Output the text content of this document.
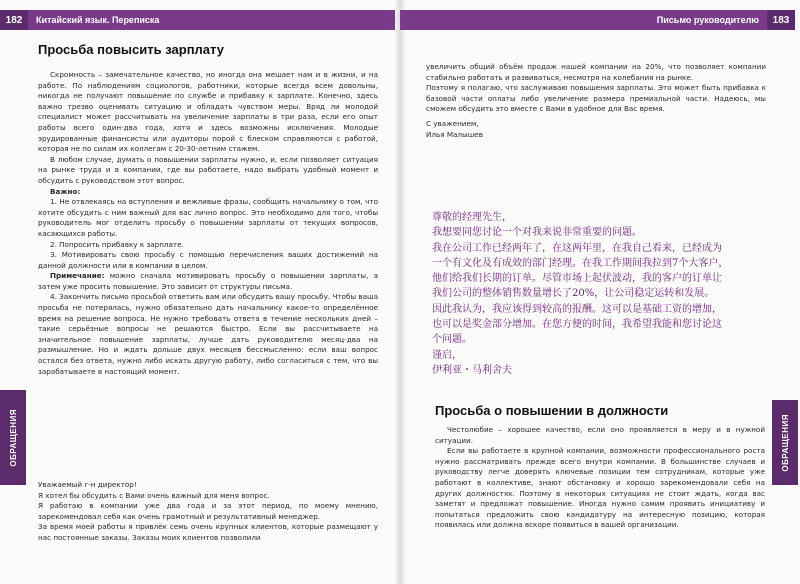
182	Китайский язык. Переписка
Просьба повысить зарплату

Скромность – замечательное качество, но иногда она мешает нам и в жизни, и на работе. По наблюдениям социологов, работники, которые всегда всем довольны, никогда не получают повышение по службе и прибавку к зарплате. Конечно, здесь важно трезво оценивать ситуацию и обладать чувством меры. Вряд ли молодой специалист может рассчитывать на увеличение зарплаты в три раза, если его опыт работы всего один-два года, хотя и здесь возможны исключения. Молодые эрудированные финансисты или аудиторы порой с блеском справляются с работой, которая не по силам их коллегам с 20-30-летним стажем.

В любом случае, думать о повышении зарплаты нужно, и, если позволяет ситуация на рынке труда и в компании, где вы работаете, надо выбрать удобный момент и обсудить с руководством этот вопрос.

Важно:

1. Не отвлекаясь на вступления и вежливые фразы, сообщить начальнику о том, что хотите обсудить с ним важный для вас лично вопрос. Это необходимо для того, чтобы руководитель мог отделить просьбу о повышении зарплаты от текущих вопросов, касающихся работы.

2. Попросить прибавку к зарплате.

3. Мотивировать свою просьбу с помощью перечисления ваших достижений на данной должности или в компании в целом.

Примечание: можно сначала мотивировать просьбу о повышении зарплаты, а затем уже просить повышение. Это зависит от структуры письма.

4. Закончить письмо просьбой ответить вам или обсудить вашу просьбу. Чтобы ваша просьба не потерялась, нужно обязательно дать начальнику какое-то определённое время на решение вопроса. Не нужно требовать ответа в течение нескольких дней – такие серьёзные вопросы не решаются быстро. Если вы рассчитываете на значительное повышение зарплаты, лучше дать руководителю месяц-два на размышление. Но и ждать дольше двух месяцев бессмысленно: если ваш вопрос остался без ответа, нужно либо искать другую работу, либо согласиться с тем, что вы зарабатываете в настоящий момент.

Уважаемый г-н директор!

Я хотел бы обсудить с Вами очень важный для меня вопрос.

Я работаю в компании уже два года и за этот период, по моему мнению, зарекомендовал себя как очень грамотный и результативный менеджер.

За время моей работы я привлёк семь очень крупных клиентов, которые размещают у нас постоянные заказы. Заказы моих клиентов позволили

ОБРАЩЕНИЯ
Письмо руководителю	183

увеличить общий объём продаж нашей компании на 20%, что позволяет компании стабильно работать и развиваться, несмотря на колебания на рынке.

Поэтому я полагаю, что заслуживаю повышения зарплаты. Это может быть прибавка к базовой части оплаты либо увеличение размера премиальной части. Надеюсь, мы сможем обсудить это вместе с Вами в удобное для Вас время.

С уважением,

Илья Малышев

尊敬的经理先生，
我想要同您讨论一个对我来说非常重要的问题。
我在公司工作已经两年了，在这两年里，在我自己看来，已经成为
一个有文化及有成效的部门经理。在我工作期间我拉到7个大客户，
他们给我们长期的订单。尽管市场上起伏波动，我的客户的订单让
我们公司的整体销售数量增长了20%，让公司稳定运转和发展。
因此我认为，我应该得到较高的报酬。这可以是基础工资的增加，
也可以是奖金部分增加。在您方便的时间，我希望我能和您讨论这
个问题。
谨启，
伊利亚・马利舍夫
Просьба о повышении в должности

Честолюбие – хорошее качество, если оно проявляется в меру и в нужной ситуации.

Если вы работаете в крупной компании, возможности профессионального роста нужно рассматривать прежде всего внутри компании. В большинстве случаев и руководству легче доверять ключевые позиции тем сотрудникам, которые уже работают в коллективе, знают обстановку и хорошо зарекомендовали себя на других должностях. Поэтому в некоторых ситуациях не стоит ждать, когда вас заметят и предложат повышение. Иногда нужно самим проявить инициативу и попытаться предложить свою кандидатуру на интересную позицию, которая появилась или должна вскоре появиться в вашей организации.

ОБРАЩЕНИЯ
